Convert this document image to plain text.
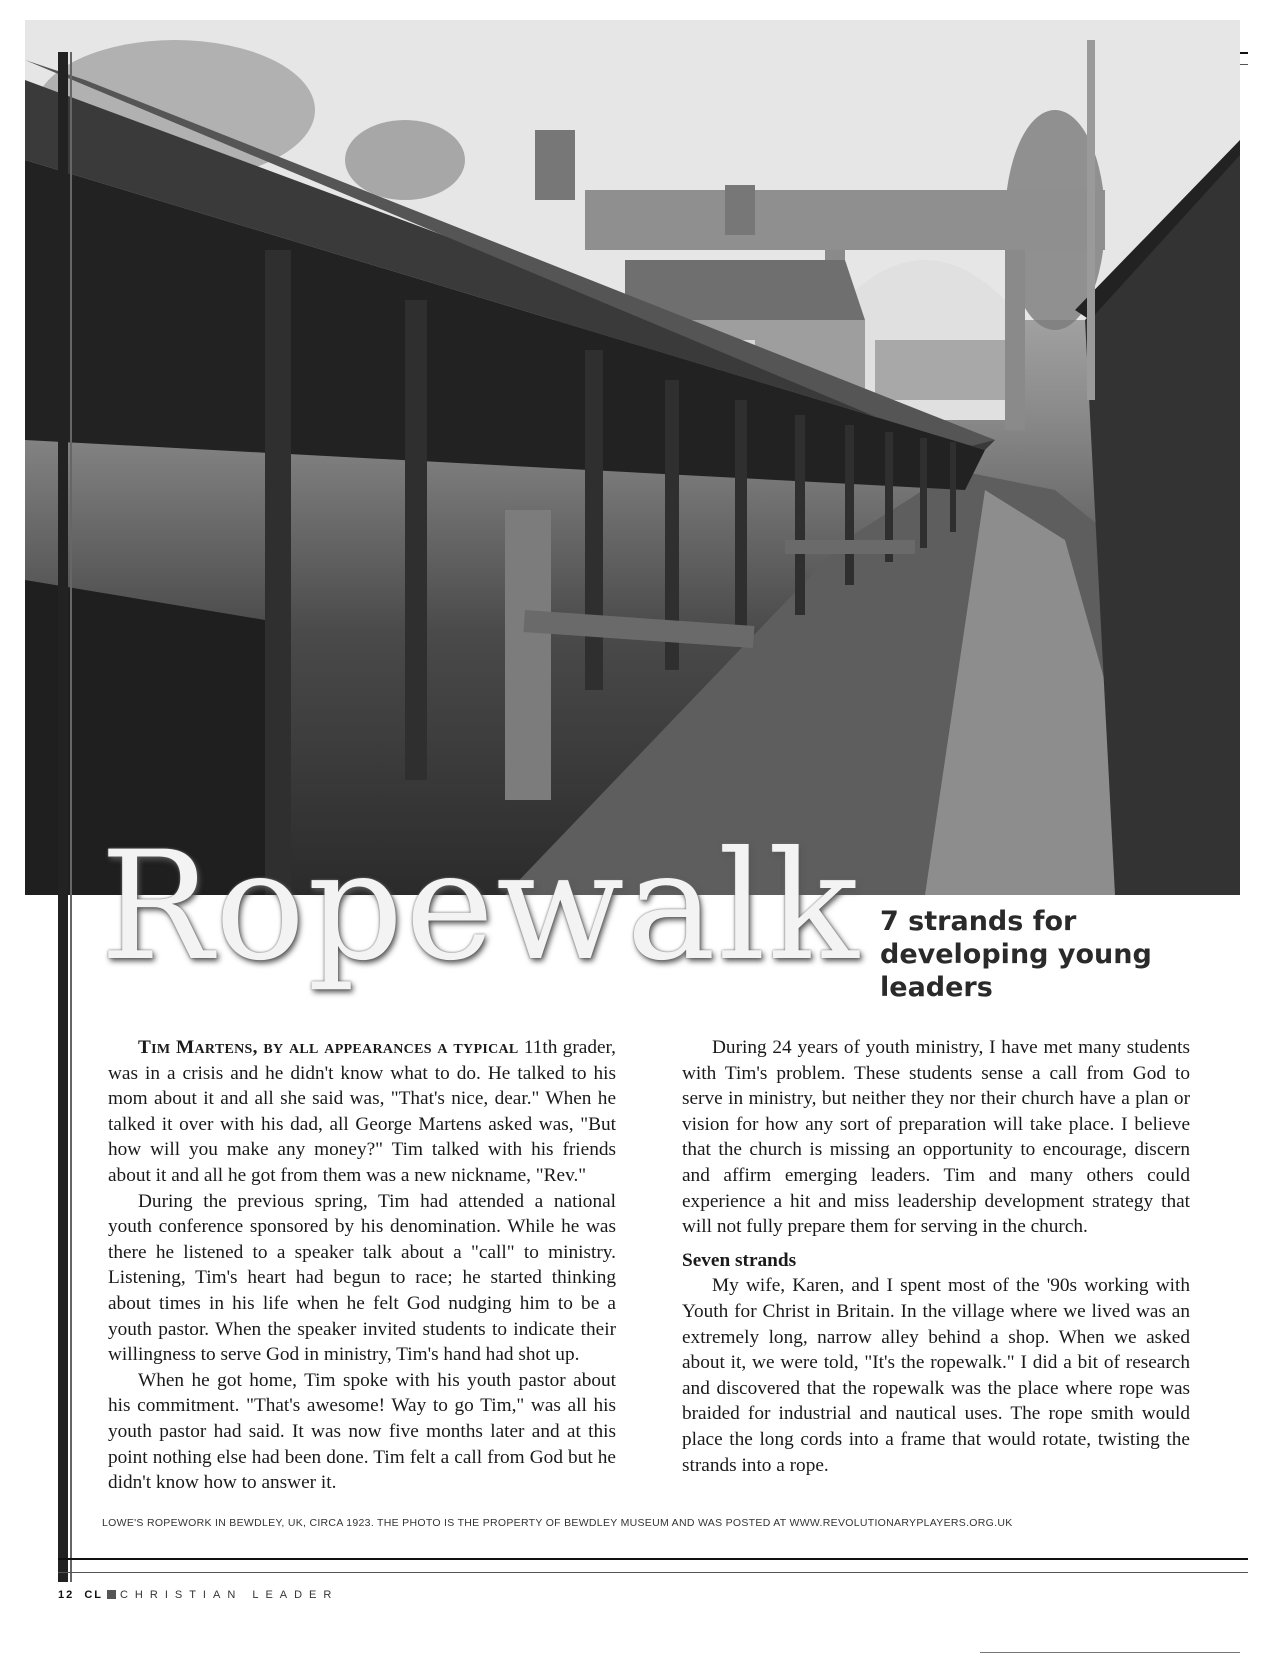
Ropewalk 7 strands for developing young leaders

Tim Martens, by all appearances a typical 11th grader, was in a crisis and he didn't know what to do. He talked to his mom about it and all she said was, "That's nice, dear." When he talked it over with his dad, all George Martens asked was, "But how will you make any money?" Tim talked with his friends about it and all he got from them was a new nickname, "Rev."

During the previous spring, Tim had attended a national youth conference sponsored by his denomination. While he was there he listened to a speaker talk about a "call" to ministry. Listening, Tim's heart had begun to race; he started thinking about times in his life when he felt God nudging him to be a youth pastor. When the speaker invited students to indicate their willingness to serve God in ministry, Tim's hand had shot up.

When he got home, Tim spoke with his youth pastor about his commitment. "That's awesome! Way to go Tim," was all his youth pastor had said. It was now five months later and at this point nothing else had been done. Tim felt a call from God but he didn't know how to answer it.

During 24 years of youth ministry, I have met many students with Tim's problem. These students sense a call from God to serve in ministry, but neither they nor their church have a plan or vision for how any sort of preparation will take place. I believe that the church is missing an opportunity to encourage, discern and affirm emerging leaders. Tim and many others could experience a hit and miss leadership development strategy that will not fully prepare them for serving in the church.

Seven strands

My wife, Karen, and I spent most of the '90s working with Youth for Christ in Britain. In the village where we lived was an extremely long, narrow alley behind a shop. When we asked about it, we were told, "It's the ropewalk." I did a bit of research and discovered that the ropewalk was the place where rope was braided for industrial and nautical uses. The rope smith would place the long cords into a frame that would rotate, twisting the strands into a rope.

LOWE'S ROPEWORK IN BEWDLEY, UK, CIRCA 1923. THE PHOTO IS THE PROPERTY OF BEWDLEY MUSEUM AND WAS POSTED AT WWW.REVOLUTIONARYPLAYERS.ORG.UK
12 CL CHRISTIAN LEADER
